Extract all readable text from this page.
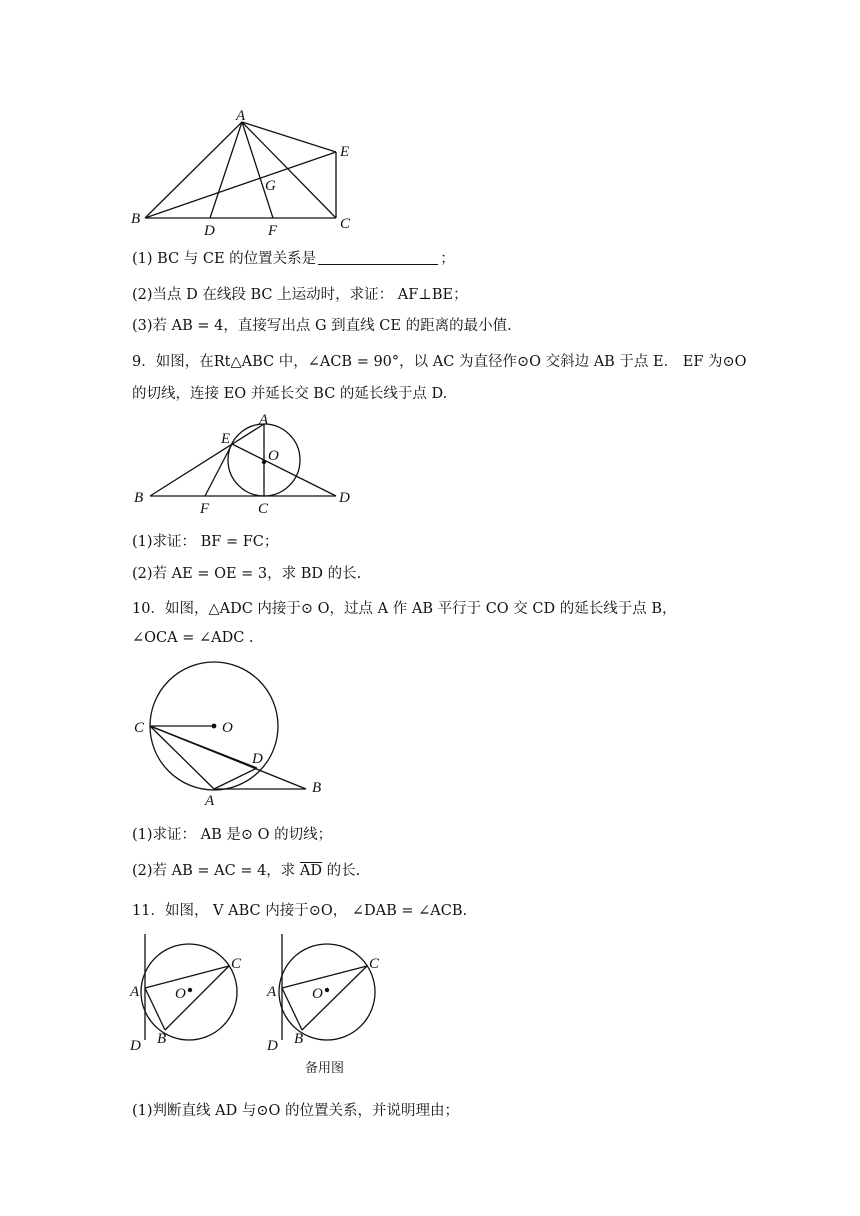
A
E
G
B
D	F	C
(1) BC 与 CE 的位置关系是	；
(2)当点 D 在线段 BC 上运动时，求证： AF⊥BE；
(3)若 AB = 4，直接写出点 G 到直线 CE 的距离的最小值.
9．如图，在Rt△ABC 中，∠ACB = 90°，以 AC 为直径作⊙O 交斜边 AB 于点 E． EF 为⊙O
的切线，连接 EO 并延长交 BC 的延长线于点 D.
A
E
O
B
F	C
D
(1)求证： BF = FC；
(2)若 AE = OE = 3，求 BD 的长.
10．如图，△ADC 内接于⊙ O，过点 A 作 AB 平行于 CO 交 CD 的延长线于点 B，
∠OCA = ∠ADC .
C	O
D
A
B
(1)求证： AB 是⊙ O 的切线；
(2)若 AB = AC = 4，求 $\overline{AD}$ 的长.
11．如图， V ABC 内接于⊙O， ∠DAB = ∠ACB.
A O
C
B
D
A O
C
B
D
备用图
(1)判断直线 AD 与⊙O 的位置关系，并说明理由；
